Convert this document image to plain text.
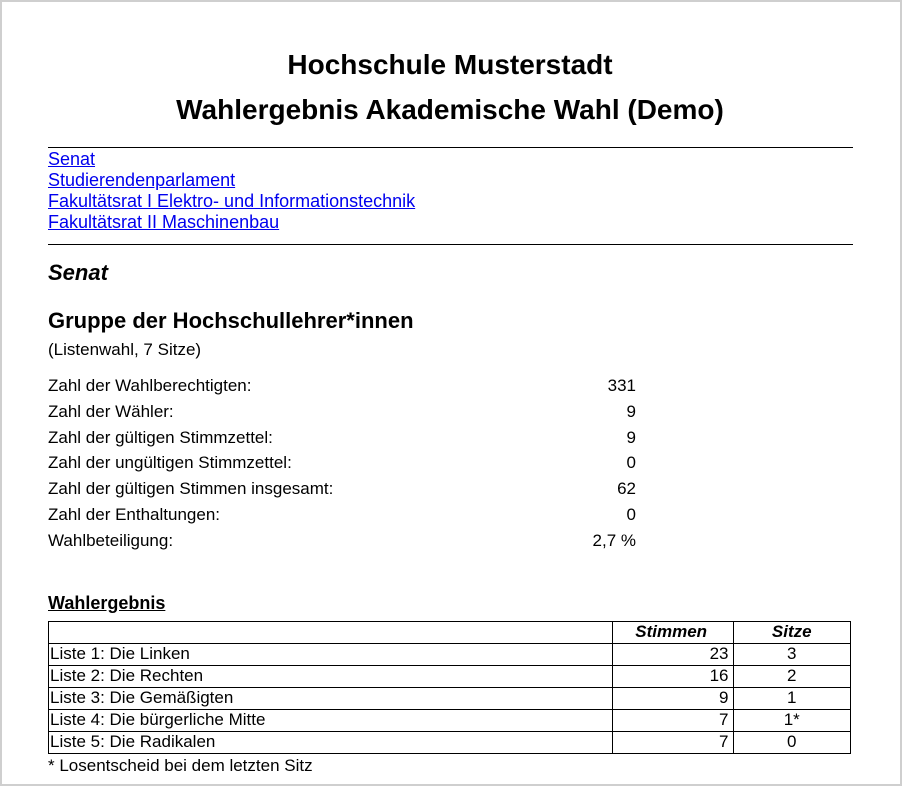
Hochschule Musterstadt
Wahlergebnis Akademische Wahl (Demo)
Senat
Studierendenparlament
Fakultätsrat I Elektro- und Informationstechnik
Fakultätsrat II Maschinenbau
Senat
Gruppe der Hochschullehrer*innen

(Listenwahl, 7 Sitze)

Zahl der Wahlberechtigten:	331
Zahl der Wähler:	9
Zahl der gültigen Stimmzettel:	9
Zahl der ungültigen Stimmzettel:	0
Zahl der gültigen Stimmen insgesamt:	62
Zahl der Enthaltungen:	0
Wahlbeteiligung:	2,7 %
Wahlergebnis
	Stimmen	Sitze
Liste 1: Die Linken	23	3
Liste 2: Die Rechten	16	2
Liste 3: Die Gemäßigten	9	1
Liste 4: Die bürgerliche Mitte	7	1*
Liste 5: Die Radikalen	7	0

* Losentscheid bei dem letzten Sitz
